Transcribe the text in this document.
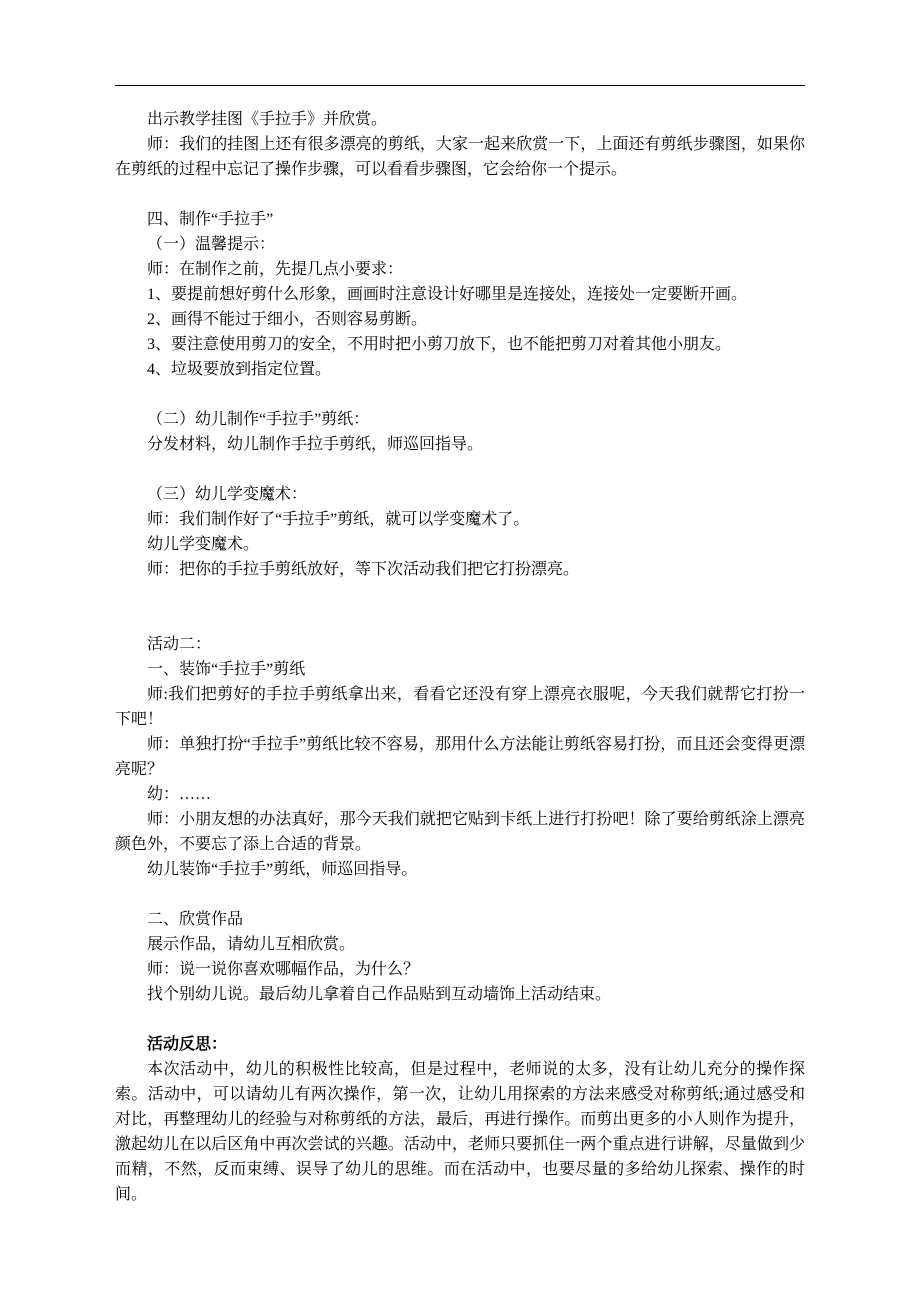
出示教学挂图《手拉手》并欣赏。

师：我们的挂图上还有很多漂亮的剪纸，大家一起来欣赏一下，上面还有剪纸步骤图，如果你在剪纸的过程中忘记了操作步骤，可以看看步骤图，它会给你一个提示。

四、制作“手拉手”

（一）温馨提示：

师：在制作之前，先提几点小要求：

1、要提前想好剪什么形象，画画时注意设计好哪里是连接处，连接处一定要断开画。

2、画得不能过于细小，否则容易剪断。

3、要注意使用剪刀的安全，不用时把小剪刀放下，也不能把剪刀对着其他小朋友。

4、垃圾要放到指定位置。

（二）幼儿制作“手拉手”剪纸：

分发材料，幼儿制作手拉手剪纸，师巡回指导。

（三）幼儿学变魔术：

师：我们制作好了“手拉手”剪纸，就可以学变魔术了。

幼儿学变魔术。

师：把你的手拉手剪纸放好，等下次活动我们把它打扮漂亮。

活动二：

一、装饰“手拉手”剪纸

师:我们把剪好的手拉手剪纸拿出来，看看它还没有穿上漂亮衣服呢，今天我们就帮它打扮一下吧！

师：单独打扮“手拉手”剪纸比较不容易，那用什么方法能让剪纸容易打扮，而且还会变得更漂亮呢？

幼：……

师：小朋友想的办法真好，那今天我们就把它贴到卡纸上进行打扮吧！除了要给剪纸涂上漂亮颜色外，不要忘了添上合适的背景。

幼儿装饰“手拉手”剪纸，师巡回指导。

二、欣赏作品

展示作品，请幼儿互相欣赏。

师：说一说你喜欢哪幅作品，为什么？

找个别幼儿说。最后幼儿拿着自己作品贴到互动墙饰上活动结束。

活动反思：

本次活动中，幼儿的积极性比较高，但是过程中，老师说的太多，没有让幼儿充分的操作探索。活动中，可以请幼儿有两次操作，第一次，让幼儿用探索的方法来感受对称剪纸;通过感受和对比，再整理幼儿的经验与对称剪纸的方法，最后，再进行操作。而剪出更多的小人则作为提升，激起幼儿在以后区角中再次尝试的兴趣。活动中，老师只要抓住一两个重点进行讲解，尽量做到少而精，不然，反而束缚、误导了幼儿的思维。而在活动中，也要尽量的多给幼儿探索、操作的时间。
